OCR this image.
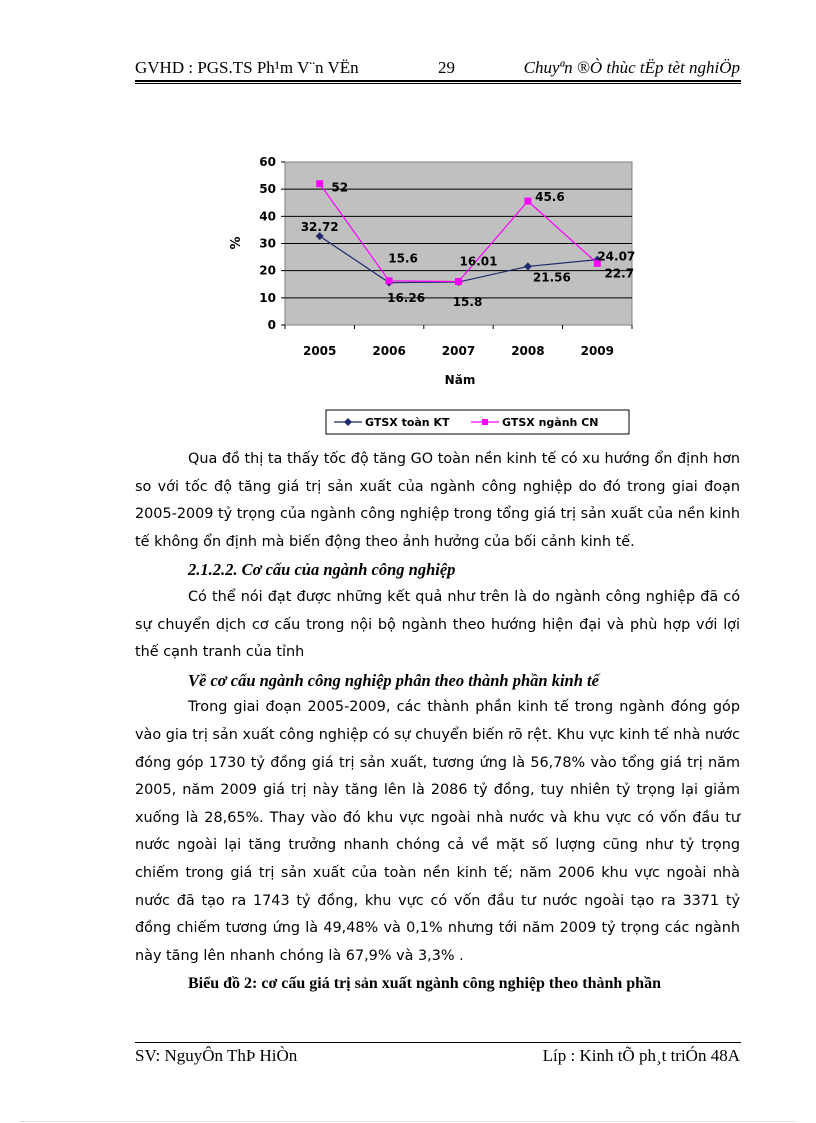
GVHD : PGS.TS Ph¹m V¨n VËn	29	Chuyªn ®Ò thùc tËp tèt nghiÖp
0
10
20
30
40
50
60
2005	2006	2007	2008	2009
32.72
15.6
15.8
21.56
24.07
52
16.26
16.01
45.6
22.7
%
Năm
GTSX toàn KT	GTSX ngành CN

Qua đồ thị ta thấy tốc độ tăng GO toàn nền kinh tế có xu hướng ổn định hơn so với tốc độ tăng giá trị sản xuất của ngành công nghiệp do đó trong giai đoạn 2005-2009 tỷ trọng của ngành công nghiệp trong tổng giá trị sản xuất của nền kinh tế không ổn định mà biến động theo ảnh hưởng của bối cảnh kinh tế.

2.1.2.2. Cơ cấu của ngành công nghiệp

Có thể nói đạt được những kết quả như trên là do ngành công nghiệp đã có sự chuyển dịch cơ cấu trong nội bộ ngành theo hướng hiện đại và phù hợp với lợi thế cạnh tranh của tỉnh

Về cơ cấu ngành công nghiệp phân theo thành phần kinh tế

Trong giai đoạn 2005-2009, các thành phần kinh tế trong ngành đóng góp vào gia trị sản xuất công nghiệp có sự chuyển biến rõ rệt. Khu vực kinh tế nhà nước đóng góp 1730 tỷ đồng giá trị sản xuất, tương ứng là 56,78% vào tổng giá trị năm 2005, năm 2009 giá trị này tăng lên là 2086 tỷ đồng, tuy nhiên tỷ trọng lại giảm xuống là 28,65%. Thay vào đó khu vực ngoài nhà nước và khu vực có vốn đầu tư nước ngoài lại tăng trưởng nhanh chóng cả về mặt số lượng cũng như tỷ trọng chiếm trong giá trị sản xuất của toàn nền kinh tế; năm 2006 khu vực ngoài nhà nước đã tạo ra 1743 tỷ đồng, khu vực có vốn đầu tư nước ngoài tạo ra 3371 tỷ đồng chiếm tương ứng là 49,48% và 0,1% nhưng tới năm 2009 tỷ trọng các ngành này tăng lên nhanh chóng là 67,9% và 3,3% .

Biểu đồ 2: cơ cấu giá trị sản xuất ngành công nghiệp theo thành phần

SV: NguyÔn ThÞ HiÒn	Líp : Kinh tÕ ph¸t triÓn 48A
